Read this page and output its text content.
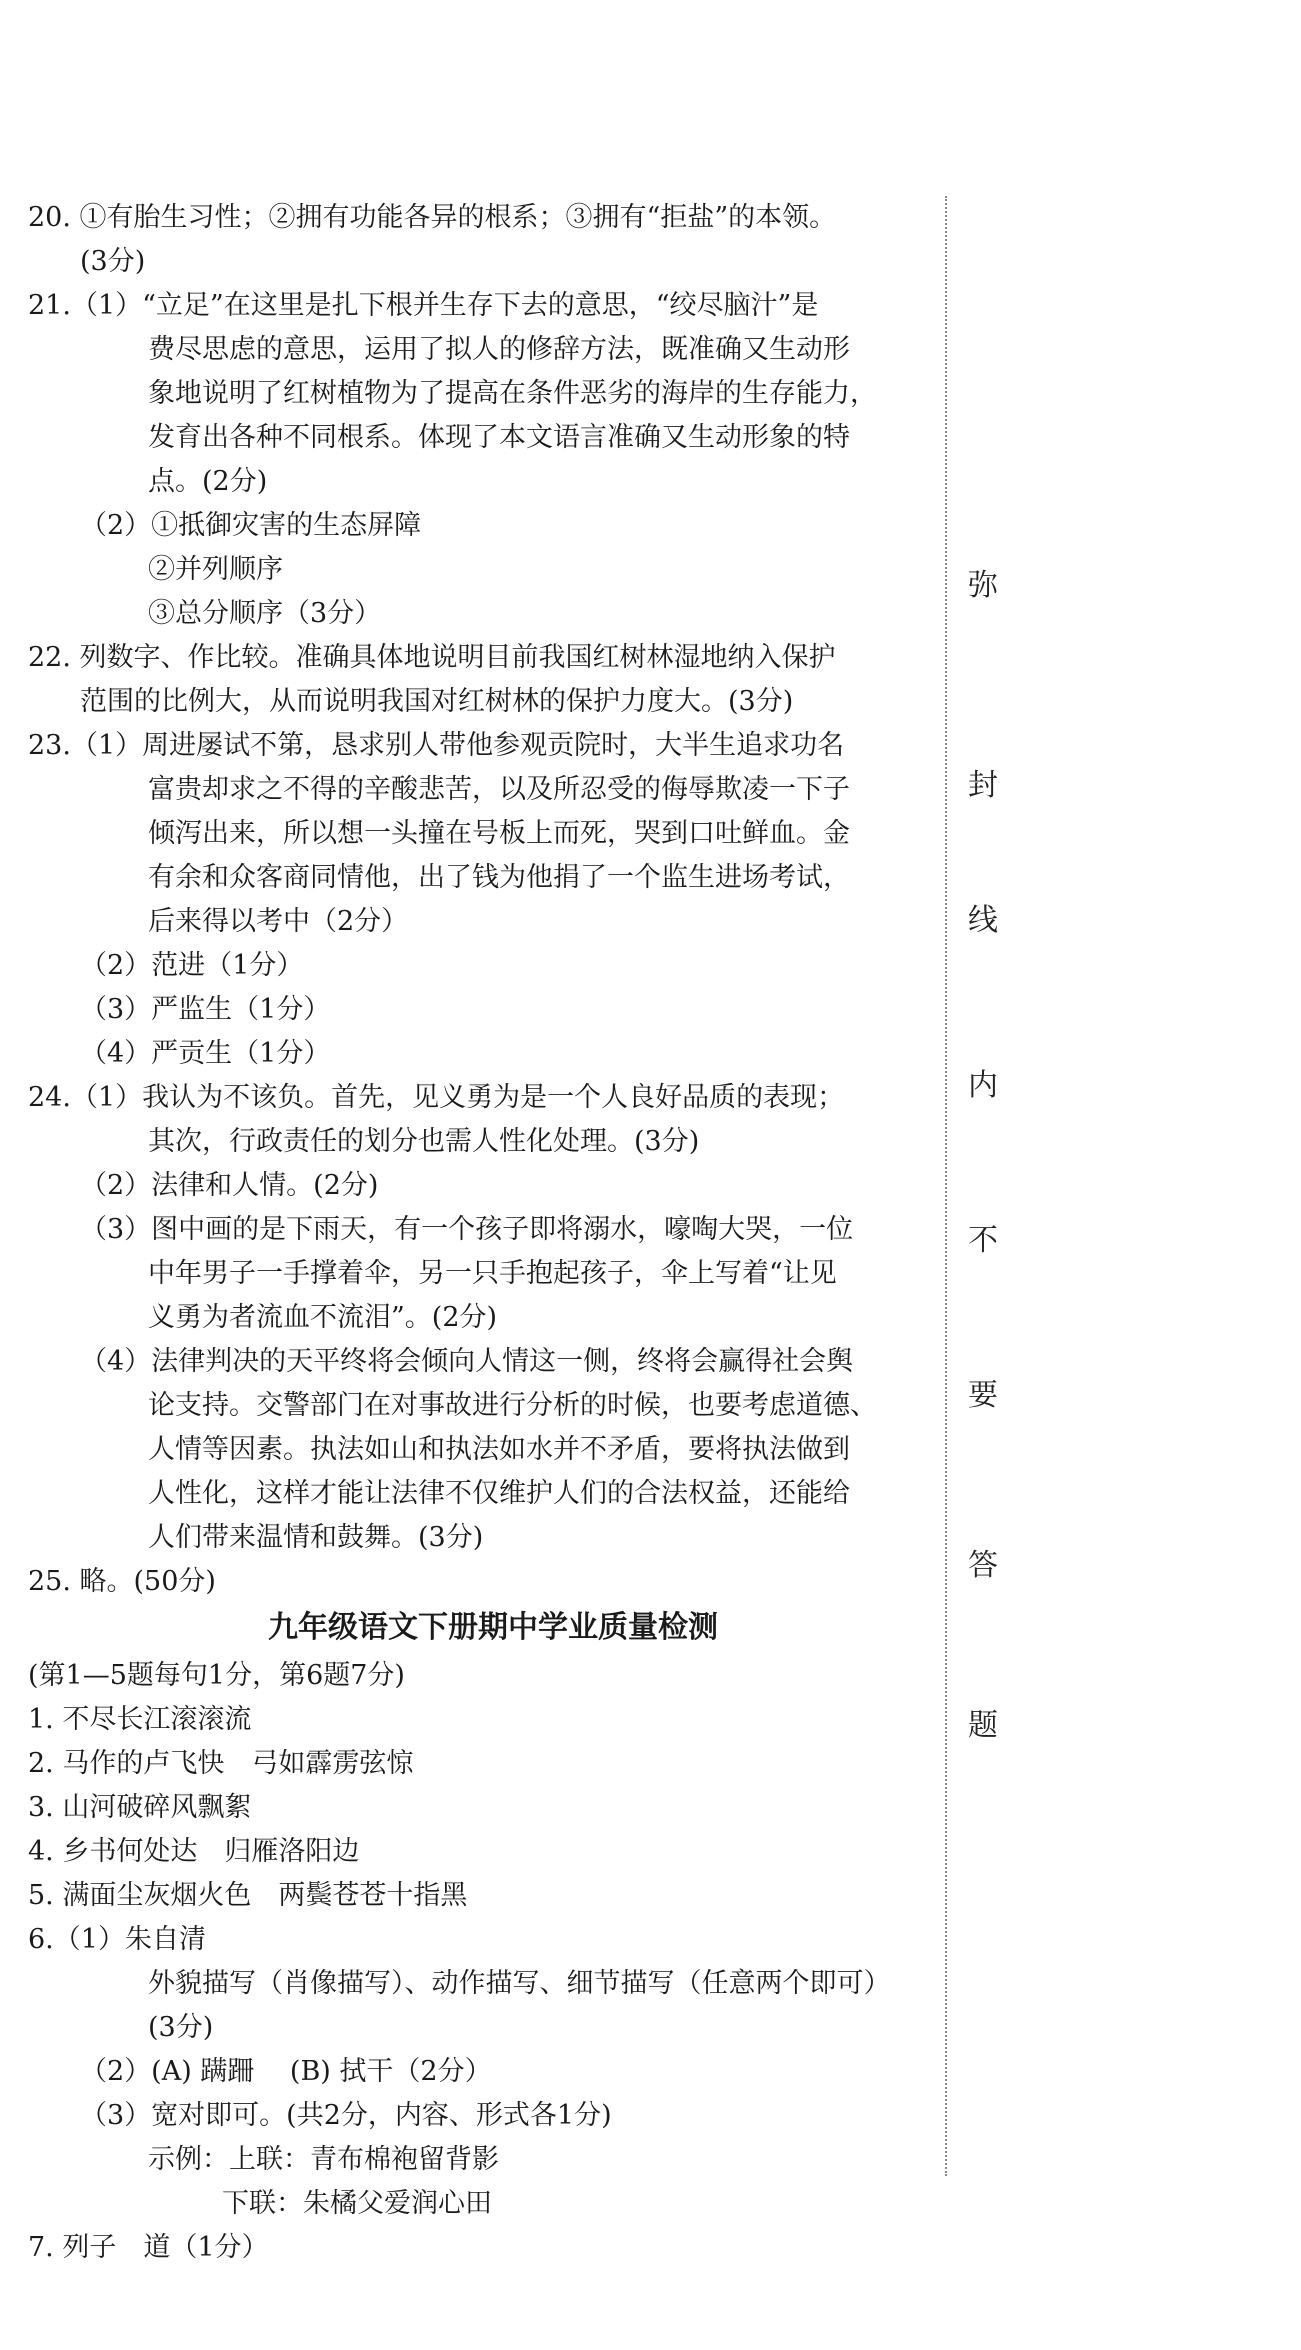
20. ①有胎生习性；②拥有功能各异的根系；③拥有“拒盐”的本领。

(3分)

21.（1）“立足”在这里是扎下根并生存下去的意思，“绞尽脑汁”是

费尽思虑的意思，运用了拟人的修辞方法，既准确又生动形

象地说明了红树植物为了提高在条件恶劣的海岸的生存能力，

发育出各种不同根系。体现了本文语言准确又生动形象的特

点。(2分)

（2）①抵御灾害的生态屏障

②并列顺序

③总分顺序（3分）

22. 列数字、作比较。准确具体地说明目前我国红树林湿地纳入保护

范围的比例大，从而说明我国对红树林的保护力度大。(3分)

23.（1）周进屡试不第，恳求别人带他参观贡院时，大半生追求功名

富贵却求之不得的辛酸悲苦，以及所忍受的侮辱欺凌一下子

倾泻出来，所以想一头撞在号板上而死，哭到口吐鲜血。金

有余和众客商同情他，出了钱为他捐了一个监生进场考试，

后来得以考中（2分）

（2）范进（1分）

（3）严监生（1分）

（4）严贡生（1分）

24.（1）我认为不该负。首先，见义勇为是一个人良好品质的表现；

其次，行政责任的划分也需人性化处理。(3分)

（2）法律和人情。(2分)

（3）图中画的是下雨天，有一个孩子即将溺水，嚎啕大哭，一位

中年男子一手撑着伞，另一只手抱起孩子，伞上写着“让见

义勇为者流血不流泪”。(2分)

（4）法律判决的天平终将会倾向人情这一侧，终将会赢得社会舆

论支持。交警部门在对事故进行分析的时候，也要考虑道德、

人情等因素。执法如山和执法如水并不矛盾，要将执法做到

人性化，这样才能让法律不仅维护人们的合法权益，还能给

人们带来温情和鼓舞。(3分)

25. 略。(50分)

九年级语文下册期中学业质量检测

(第1—5题每句1分，第6题7分)

1. 不尽长江滚滚流

2. 马作的卢飞快　弓如霹雳弦惊

3. 山河破碎风飘絮

4. 乡书何处达　归雁洛阳边

5. 满面尘灰烟火色　两鬓苍苍十指黑

6.（1）朱自清

外貌描写（肖像描写）、动作描写、细节描写（任意两个即可）

(3分)

（2）(A) 蹒跚　 (B) 拭干（2分）

（3）宽对即可。(共2分，内容、形式各1分)

示例：上联：青布棉袍留背影

下联：朱橘父爱润心田

7. 列子　道（1分）

弥
封
线
内
不
要
答
题
